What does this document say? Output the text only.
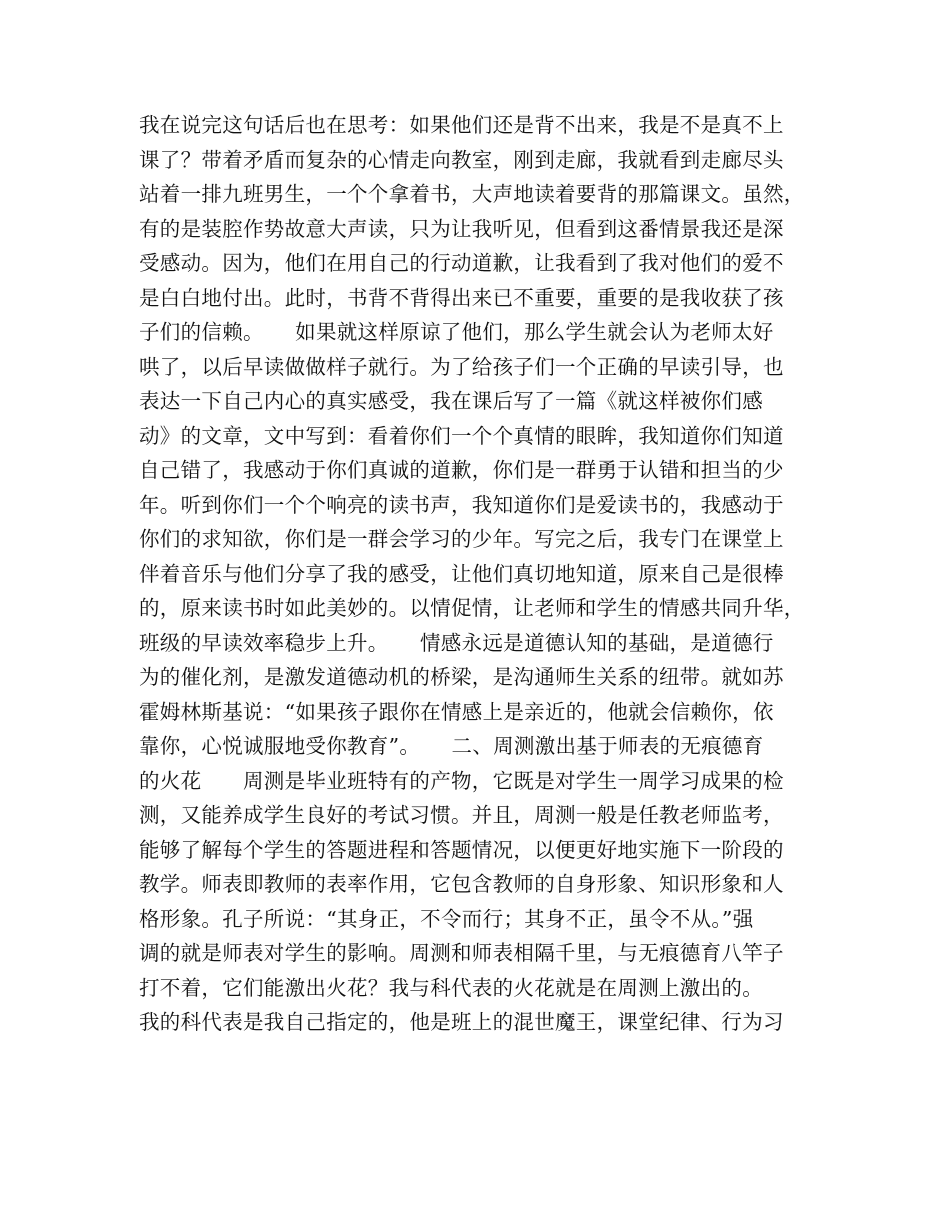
我在说完这句话后也在思考：如果他们还是背不出来，我是不是真不上
课了？带着矛盾而复杂的心情走向教室，刚到走廊，我就看到走廊尽头
站着一排九班男生，一个个拿着书，大声地读着要背的那篇课文。虽然，
有的是装腔作势故意大声读，只为让我听见，但看到这番情景我还是深
受感动。因为，他们在用自己的行动道歉，让我看到了我对他们的爱不
是白白地付出。此时，书背不背得出来已不重要，重要的是我收获了孩
子们的信赖。　　如果就这样原谅了他们，那么学生就会认为老师太好
哄了，以后早读做做样子就行。为了给孩子们一个正确的早读引导，也
表达一下自己内心的真实感受，我在课后写了一篇《就这样被你们感
动》的文章，文中写到：看着你们一个个真情的眼眸，我知道你们知道
自己错了，我感动于你们真诚的道歉，你们是一群勇于认错和担当的少
年。听到你们一个个响亮的读书声，我知道你们是爱读书的，我感动于
你们的求知欲，你们是一群会学习的少年。写完之后，我专门在课堂上
伴着音乐与他们分享了我的感受，让他们真切地知道，原来自己是很棒
的，原来读书时如此美妙的。以情促情，让老师和学生的情感共同升华，
班级的早读效率稳步上升。　　情感永远是道德认知的基础，是道德行
为的催化剂，是激发道德动机的桥梁，是沟通师生关系的纽带。就如苏
霍姆林斯基说：“如果孩子跟你在情感上是亲近的，他就会信赖你，依
靠你，心悦诚服地受你教育”。　　二、周测激出基于师表的无痕德育
的火花　　周测是毕业班特有的产物，它既是对学生一周学习成果的检
测，又能养成学生良好的考试习惯。并且，周测一般是任教老师监考，
能够了解每个学生的答题进程和答题情况，以便更好地实施下一阶段的
教学。师表即教师的表率作用，它包含教师的自身形象、知识形象和人
格形象。孔子所说：“其身正，不令而行；其身不正，虽令不从。”强
调的就是师表对学生的影响。周测和师表相隔千里，与无痕德育八竿子
打不着，它们能激出火花？我与科代表的火花就是在周测上激出的。
我的科代表是我自己指定的，他是班上的混世魔王，课堂纪律、行为习
